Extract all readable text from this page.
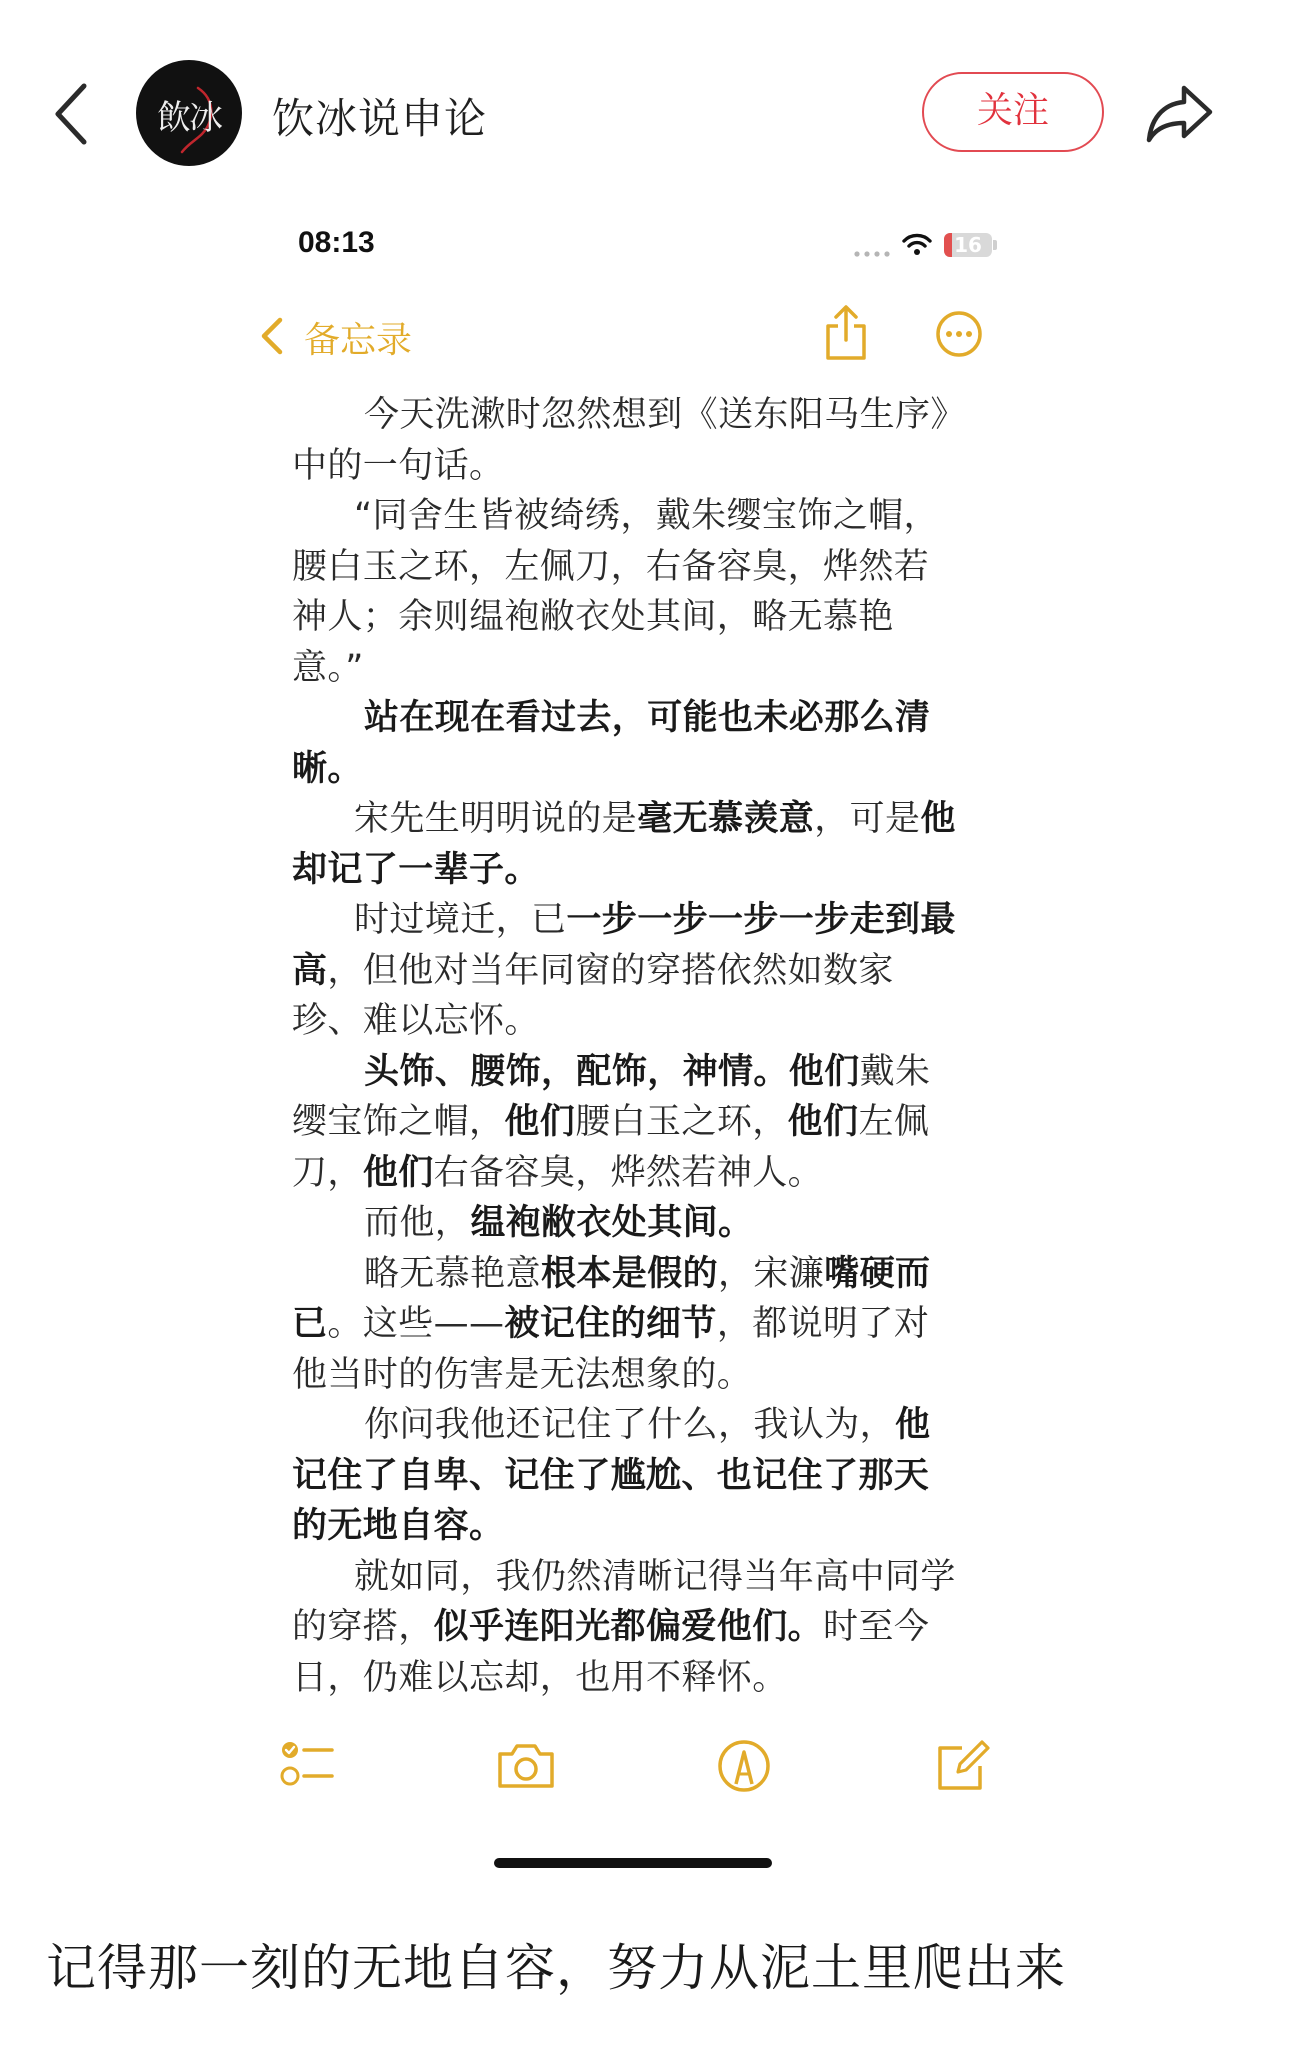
飲冰	饮冰说申论	关注
08:13	16
备忘录

今天洗漱时忽然想到《送东阳马生序》中的一句话。

“同舍生皆被绮绣，戴朱缨宝饰之帽，腰白玉之环，左佩刀，右备容臭，烨然若神人；余则缊袍敝衣处其间，略无慕艳意。”

站在现在看过去，可能也未必那么清晰。

宋先生明明说的是毫无慕羡意，可是他却记了一辈子。

时过境迁，已一步一步一步一步走到最高，但他对当年同窗的穿搭依然如数家珍、难以忘怀。

头饰、腰饰，配饰，神情。他们戴朱缨宝饰之帽，他们腰白玉之环，他们左佩刀，他们右备容臭，烨然若神人。

而他，缊袍敝衣处其间。

略无慕艳意根本是假的，宋濂嘴硬而已。这些——被记住的细节，都说明了对他当时的伤害是无法想象的。

你问我他还记住了什么，我认为，他记住了自卑、记住了尴尬、也记住了那天的无地自容。

就如同，我仍然清晰记得当年高中同学的穿搭，似乎连阳光都偏爱他们。时至今日，仍难以忘却，也用不释怀。

记得那一刻的无地自容，努力从泥土里爬出来
